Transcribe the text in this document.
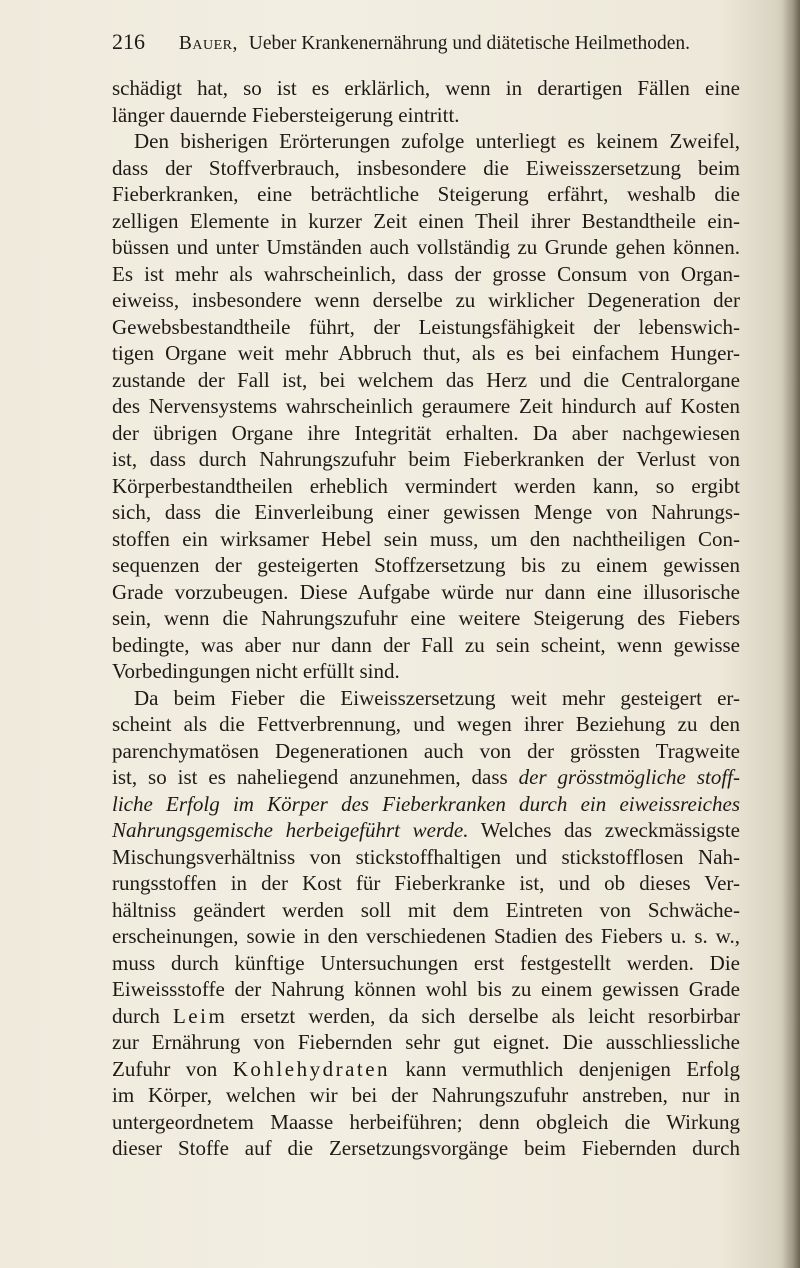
216 Bauer, Ueber Krankenernährung und diätetische Heilmethoden.
schädigt hat, so ist es erklärlich, wenn in derartigen Fällen eine
länger dauernde Fiebersteigerung eintritt.
Den bisherigen Erörterungen zufolge unterliegt es keinem Zweifel,
dass der Stoffverbrauch, insbesondere die Eiweisszersetzung beim
Fieberkranken, eine beträchtliche Steigerung erfährt, weshalb die
zelligen Elemente in kurzer Zeit einen Theil ihrer Bestandtheile ein-
büssen und unter Umständen auch vollständig zu Grunde gehen können.
Es ist mehr als wahrscheinlich, dass der grosse Consum von Organ-
eiweiss, insbesondere wenn derselbe zu wirklicher Degeneration der
Gewebsbestandtheile führt, der Leistungsfähigkeit der lebenswich-
tigen Organe weit mehr Abbruch thut, als es bei einfachem Hunger-
zustande der Fall ist, bei welchem das Herz und die Centralorgane
des Nervensystems wahrscheinlich geraumere Zeit hindurch auf Kosten
der übrigen Organe ihre Integrität erhalten. Da aber nachgewiesen
ist, dass durch Nahrungszufuhr beim Fieberkranken der Verlust von
Körperbestandtheilen erheblich vermindert werden kann, so ergibt
sich, dass die Einverleibung einer gewissen Menge von Nahrungs-
stoffen ein wirksamer Hebel sein muss, um den nachtheiligen Con-
sequenzen der gesteigerten Stoffzersetzung bis zu einem gewissen
Grade vorzubeugen. Diese Aufgabe würde nur dann eine illusorische
sein, wenn die Nahrungszufuhr eine weitere Steigerung des Fiebers
bedingte, was aber nur dann der Fall zu sein scheint, wenn gewisse
Vorbedingungen nicht erfüllt sind.
Da beim Fieber die Eiweisszersetzung weit mehr gesteigert er-
scheint als die Fettverbrennung, und wegen ihrer Beziehung zu den
parenchymatösen Degenerationen auch von der grössten Tragweite
ist, so ist es naheliegend anzunehmen, dass der grösstmögliche stoff-
liche Erfolg im Körper des Fieberkranken durch ein eiweissreiches
Nahrungsgemische herbeigeführt werde. Welches das zweckmässigste
Mischungsverhältniss von stickstoffhaltigen und stickstofflosen Nah-
rungsstoffen in der Kost für Fieberkranke ist, und ob dieses Ver-
hältniss geändert werden soll mit dem Eintreten von Schwäche-
erscheinungen, sowie in den verschiedenen Stadien des Fiebers u. s. w.,
muss durch künftige Untersuchungen erst festgestellt werden. Die
Eiweissstoffe der Nahrung können wohl bis zu einem gewissen Grade
durch Leim ersetzt werden, da sich derselbe als leicht resorbirbar
zur Ernährung von Fiebernden sehr gut eignet. Die ausschliessliche
Zufuhr von Kohlehydraten kann vermuthlich denjenigen Erfolg
im Körper, welchen wir bei der Nahrungszufuhr anstreben, nur in
untergeordnetem Maasse herbeiführen; denn obgleich die Wirkung
dieser Stoffe auf die Zersetzungsvorgänge beim Fiebernden durch
